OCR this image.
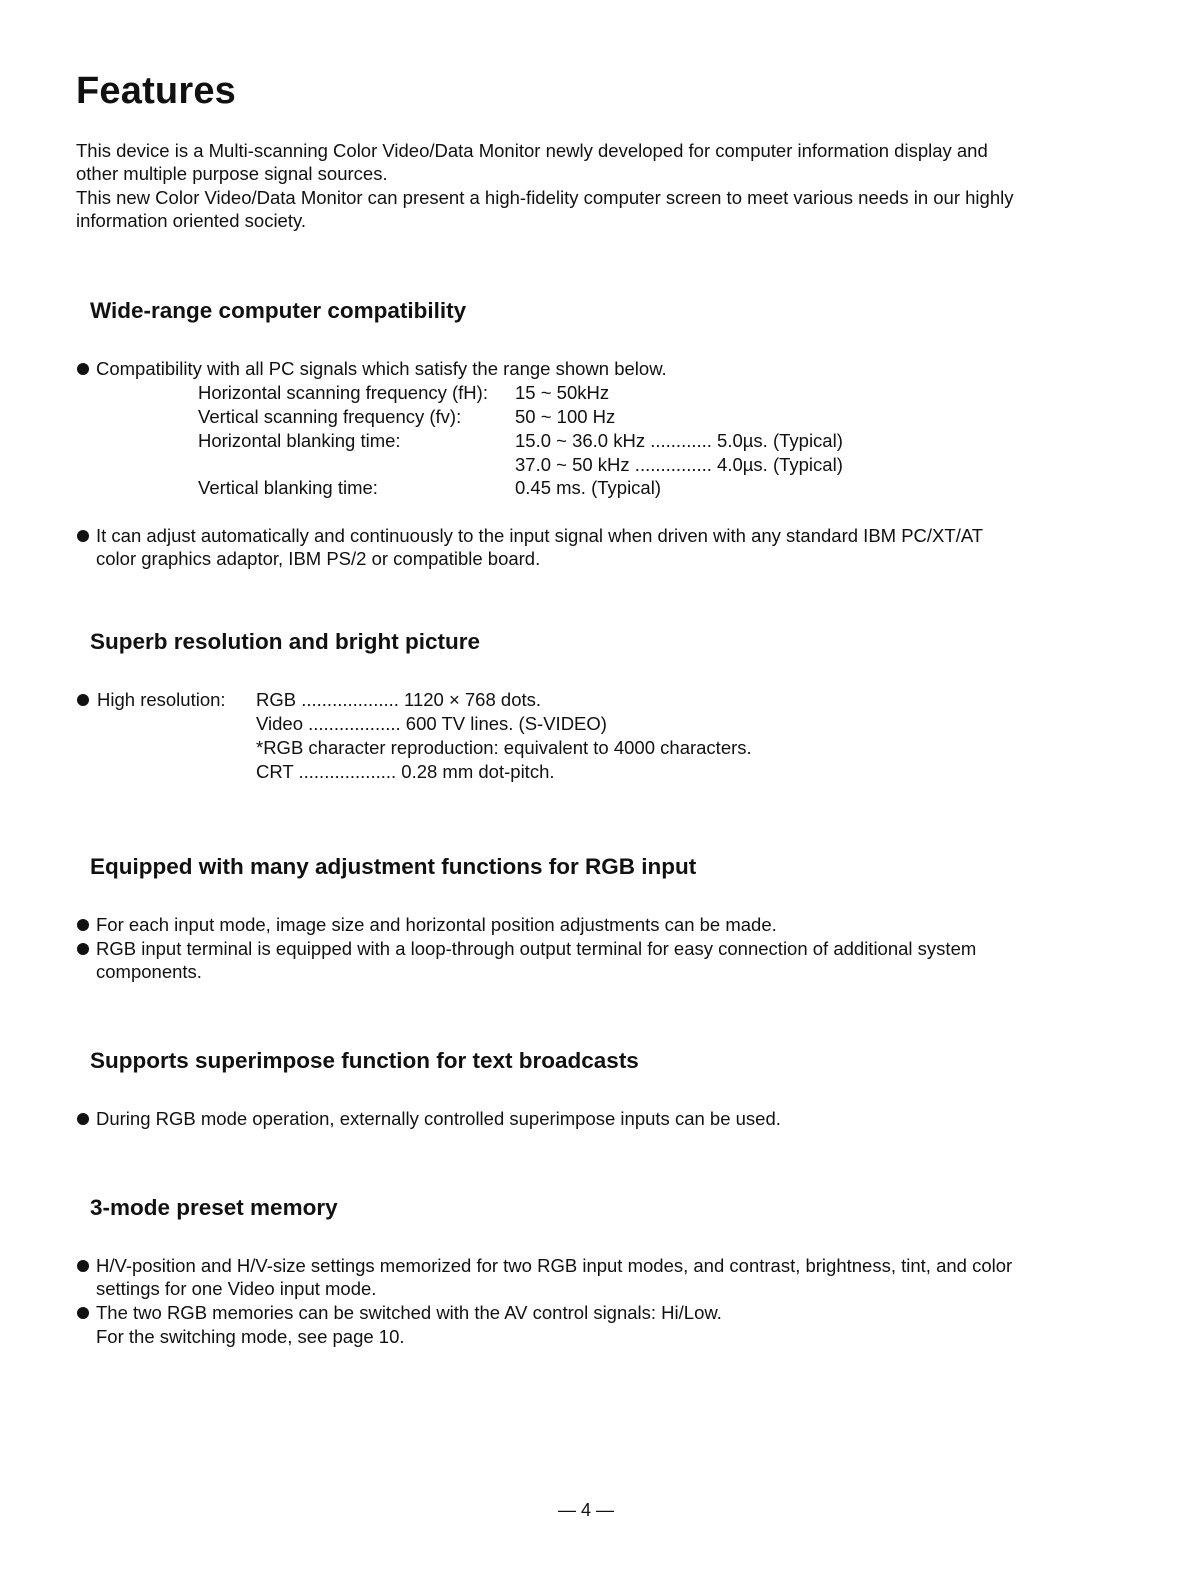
Features
This device is a Multi-scanning Color Video/Data Monitor newly developed for computer information display and
other multiple purpose signal sources.
This new Color Video/Data Monitor can present a high-fidelity computer screen to meet various needs in our highly
information oriented society.
Wide-range computer compatibility
Compatibility with all PC signals which satisfy the range shown below.
Horizontal scanning frequency (fH): 15 ~ 50kHz
Vertical scanning frequency (fv):	50 ~ 100 Hz
Horizontal blanking time:	15.0 ~ 36.0 kHz ............ 5.0µs. (Typical)
37.0 ~ 50 kHz ............... 4.0µs. (Typical)
Vertical blanking time:	0.45 ms. (Typical)
It can adjust automatically and continuously to the input signal when driven with any standard IBM PC/XT/AT
color graphics adaptor, IBM PS/2 or compatible board.
Superb resolution and bright picture
High resolution: RGB ................... 1120 × 768 dots.
Video .................. 600 TV lines. (S-VIDEO)
*RGB character reproduction: equivalent to 4000 characters.
CRT ................... 0.28 mm dot-pitch.
Equipped with many adjustment functions for RGB input
For each input mode, image size and horizontal position adjustments can be made.
RGB input terminal is equipped with a loop-through output terminal for easy connection of additional system
components.
Supports superimpose function for text broadcasts
During RGB mode operation, externally controlled superimpose inputs can be used.
3-mode preset memory
H/V-position and H/V-size settings memorized for two RGB input modes, and contrast, brightness, tint, and color
settings for one Video input mode.
The two RGB memories can be switched with the AV control signals: Hi/Low.
For the switching mode, see page 10.
— 4 —
